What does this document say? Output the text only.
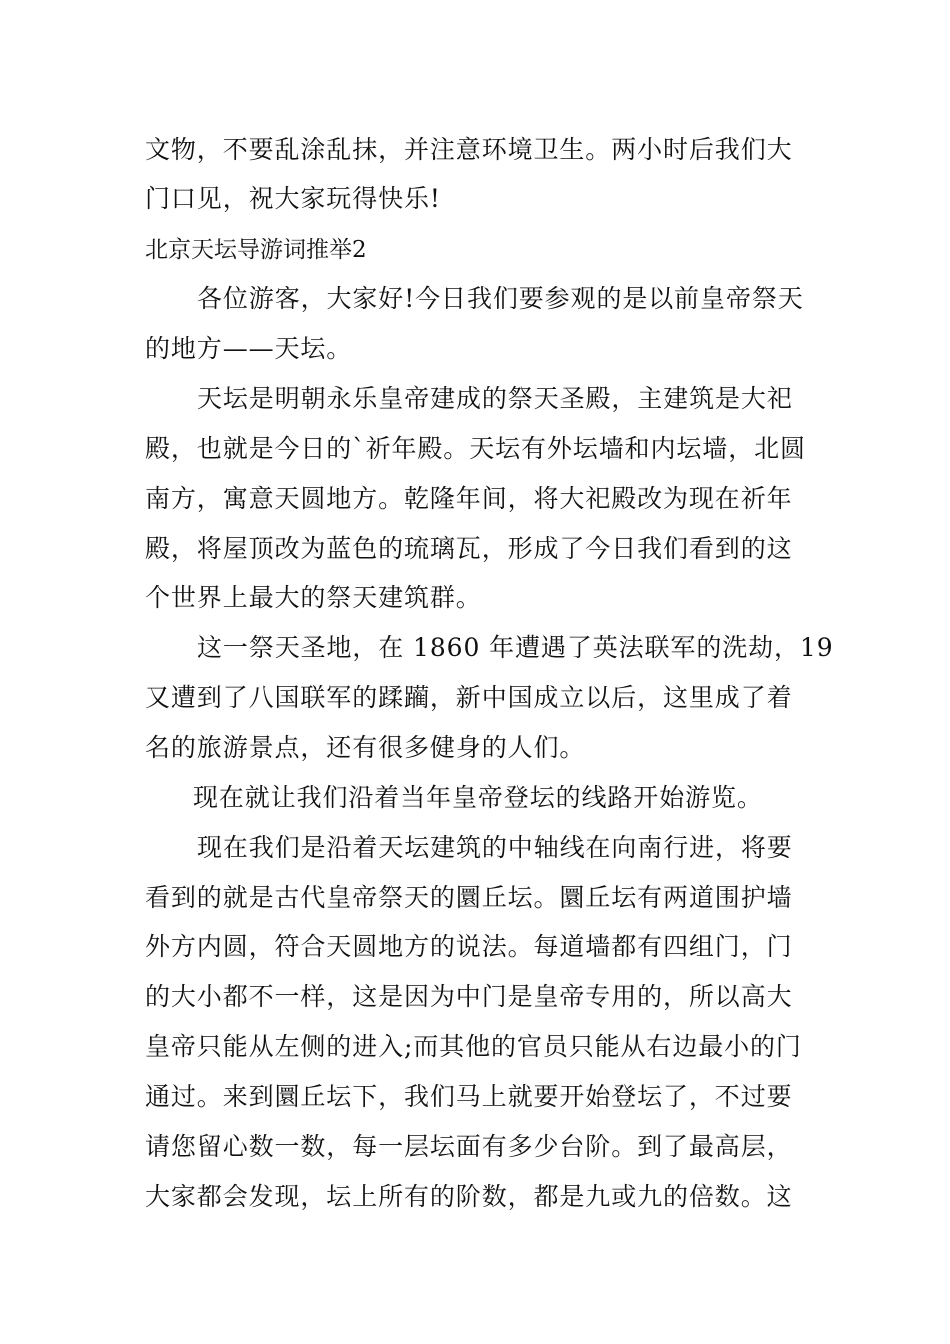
文物，不要乱涂乱抹，并注意环境卫生。两小时后我们大
门口见，祝大家玩得快乐!
北京天坛导游词推举2
各位游客，大家好!今日我们要参观的是以前皇帝祭天
的地方——天坛。
天坛是明朝永乐皇帝建成的祭天圣殿，主建筑是大祀
殿，也就是今日的`祈年殿。天坛有外坛墙和内坛墙，北圆
南方，寓意天圆地方。乾隆年间，将大祀殿改为现在祈年
殿，将屋顶改为蓝色的琉璃瓦，形成了今日我们看到的这
个世界上最大的祭天建筑群。
这一祭天圣地，在 1860 年遭遇了英法联军的洗劫，19
又遭到了八国联军的蹂躏，新中国成立以后，这里成了着
名的旅游景点，还有很多健身的人们。
现在就让我们沿着当年皇帝登坛的线路开始游览。
现在我们是沿着天坛建筑的中轴线在向南行进，将要
看到的就是古代皇帝祭天的圜丘坛。圜丘坛有两道围护墙
外方内圆，符合天圆地方的说法。每道墙都有四组门，门
的大小都不一样，这是因为中门是皇帝专用的，所以高大
皇帝只能从左侧的进入;而其他的官员只能从右边最小的门
通过。来到圜丘坛下，我们马上就要开始登坛了，不过要
请您留心数一数，每一层坛面有多少台阶。到了最高层，
大家都会发现，坛上所有的阶数，都是九或九的倍数。这
